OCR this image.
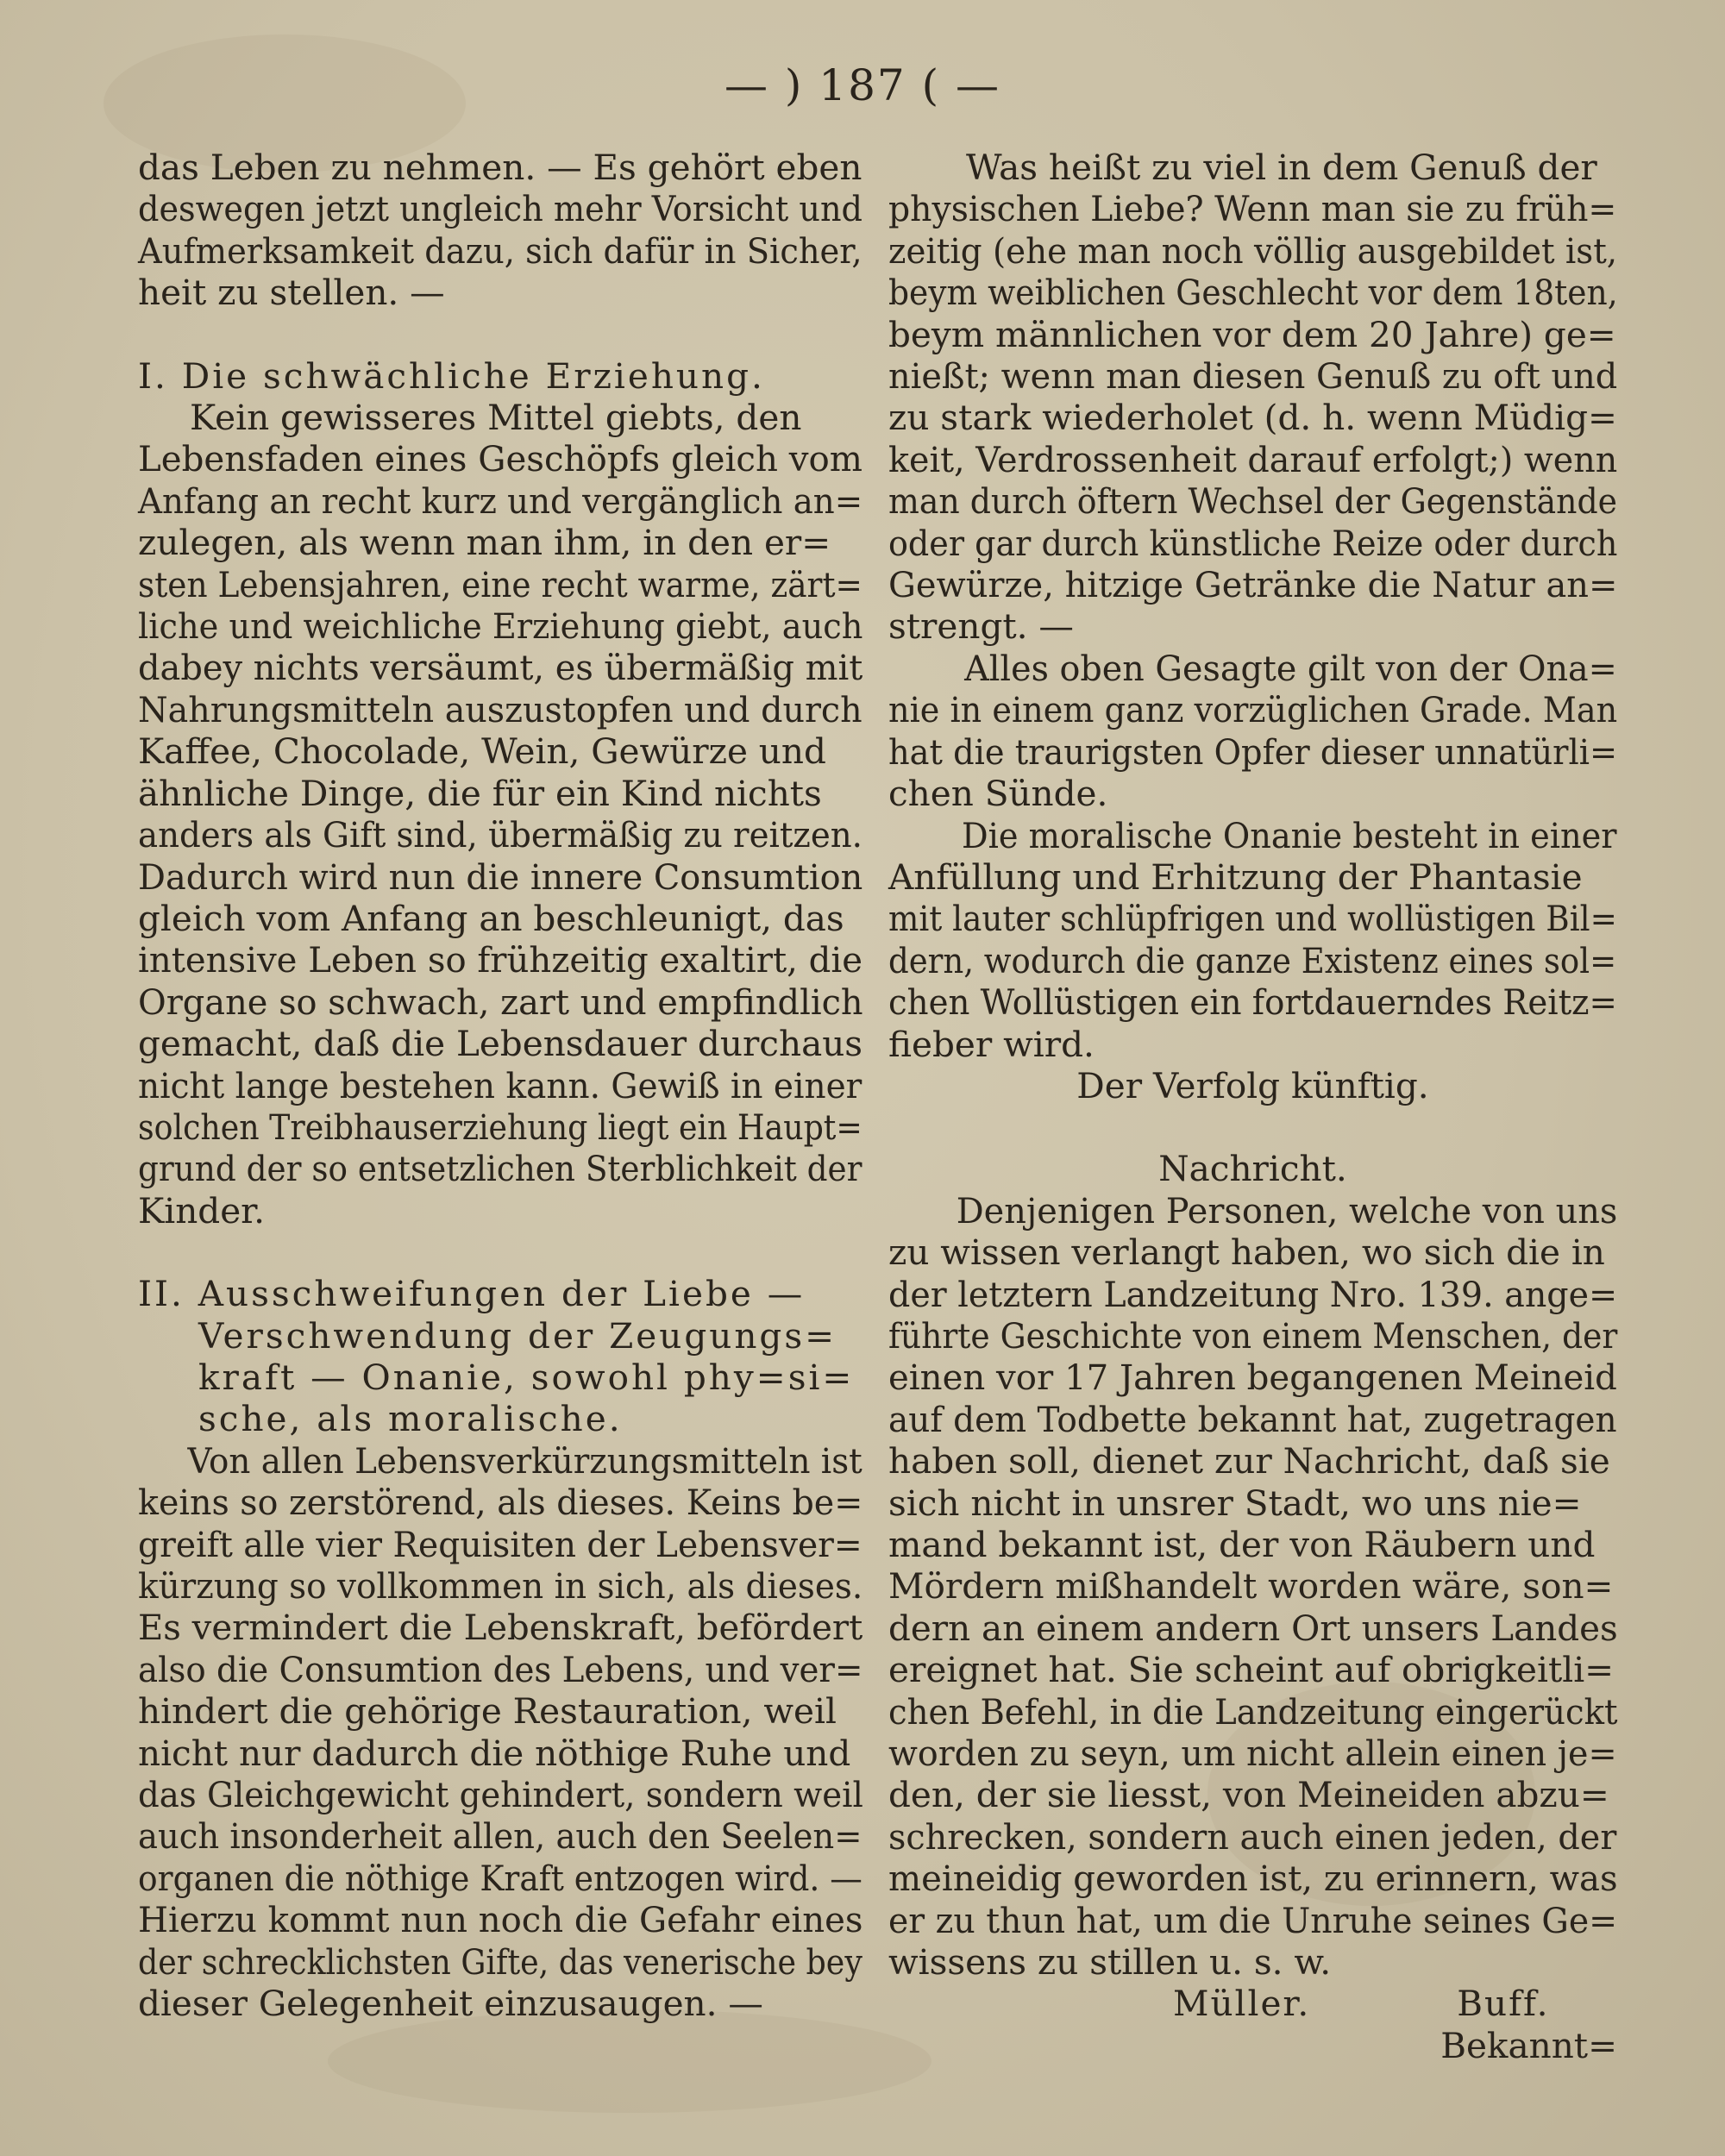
— ) 187 ( —

das Leben zu nehmen. — Es gehört eben
deswegen jetzt ungleich mehr Vorsicht und
Aufmerksamkeit dazu, sich dafür in Sicher,
heit zu stellen. —

I. Die schwächliche Erziehung.

Kein gewisseres Mittel giebts, den
Lebensfaden eines Geschöpfs gleich vom
Anfang an recht kurz und vergänglich an=
zulegen, als wenn man ihm, in den er=
sten Lebensjahren, eine recht warme, zärt=
liche und weichliche Erziehung giebt, auch
dabey nichts versäumt, es übermäßig mit
Nahrungsmitteln auszustopfen und durch
Kaffee, Chocolade, Wein, Gewürze und
ähnliche Dinge, die für ein Kind nichts
anders als Gift sind, übermäßig zu reitzen.
Dadurch wird nun die innere Consumtion
gleich vom Anfang an beschleunigt, das
intensive Leben so frühzeitig exaltirt, die
Organe so schwach, zart und empfindlich
gemacht, daß die Lebensdauer durchaus
nicht lange bestehen kann. Gewiß in einer
solchen Treibhauserziehung liegt ein Haupt=
grund der so entsetzlichen Sterblichkeit der
Kinder.

II. Ausschweifungen der Liebe —
Verschwendung der Zeugungs=
kraft — Onanie, sowohl phy=si=
sche, als moralische.

Von allen Lebensverkürzungsmitteln ist
keins so zerstörend, als dieses. Keins be=
greift alle vier Requisiten der Lebensver=
kürzung so vollkommen in sich, als dieses.
Es vermindert die Lebenskraft, befördert
also die Consumtion des Lebens, und ver=
hindert die gehörige Restauration, weil
nicht nur dadurch die nöthige Ruhe und
das Gleichgewicht gehindert, sondern weil
auch insonderheit allen, auch den Seelen=
organen die nöthige Kraft entzogen wird. —
Hierzu kommt nun noch die Gefahr eines
der schrecklichsten Gifte, das venerische bey
dieser Gelegenheit einzusaugen. —

Was heißt zu viel in dem Genuß der
physischen Liebe? Wenn man sie zu früh=
zeitig (ehe man noch völlig ausgebildet ist,
beym weiblichen Geschlecht vor dem 18ten,
beym männlichen vor dem 20 Jahre) ge=
nießt; wenn man diesen Genuß zu oft und
zu stark wiederholet (d. h. wenn Müdig=
keit, Verdrossenheit darauf erfolgt;) wenn
man durch öftern Wechsel der Gegenstände
oder gar durch künstliche Reize oder durch
Gewürze, hitzige Getränke die Natur an=
strengt. —

Alles oben Gesagte gilt von der Ona=
nie in einem ganz vorzüglichen Grade. Man
hat die traurigsten Opfer dieser unnatürli=
chen Sünde.

Die moralische Onanie besteht in einer
Anfüllung und Erhitzung der Phantasie
mit lauter schlüpfrigen und wollüstigen Bil=
dern, wodurch die ganze Existenz eines sol=
chen Wollüstigen ein fortdauerndes Reitz=
fieber wird.

Der Verfolg künftig.

Nachricht.

Denjenigen Personen, welche von uns
zu wissen verlangt haben, wo sich die in
der letztern Landzeitung Nro. 139. ange=
führte Geschichte von einem Menschen, der
einen vor 17 Jahren begangenen Meineid
auf dem Todbette bekannt hat, zugetragen
haben soll, dienet zur Nachricht, daß sie
sich nicht in unsrer Stadt, wo uns nie=
mand bekannt ist, der von Räubern und
Mördern mißhandelt worden wäre, son=
dern an einem andern Ort unsers Landes
ereignet hat. Sie scheint auf obrigkeitli=
chen Befehl, in die Landzeitung eingerückt
worden zu seyn, um nicht allein einen je=
den, der sie liesst, von Meineiden abzu=
schrecken, sondern auch einen jeden, der
meineidig geworden ist, zu erinnern, was
er zu thun hat, um die Unruhe seines Ge=
wissens zu stillen u. s. w.

Müller.	Buff.
Bekannt=
